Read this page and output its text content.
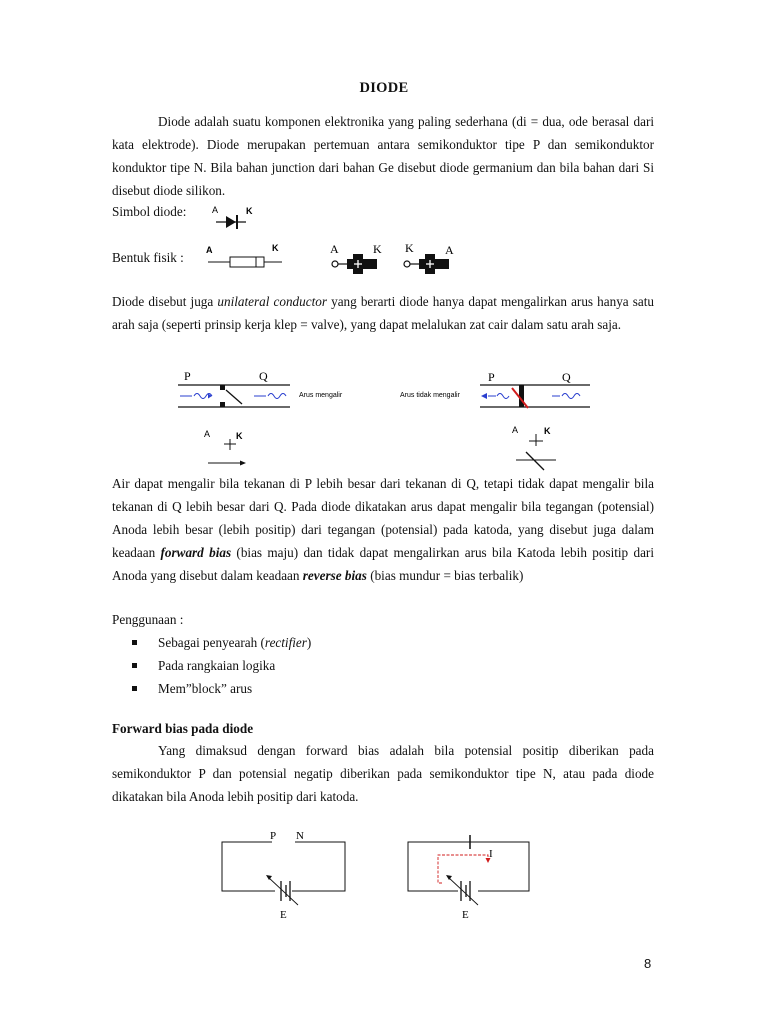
DIODE
Diode adalah suatu komponen elektronika yang paling sederhana (di = dua, ode berasal dari kata elektrode). Diode merupakan pertemuan antara semikonduktor tipe P dan semikonduktor konduktor tipe N. Bila bahan junction dari bahan Ge disebut diode germanium dan bila bahan dari Si disebut diode silikon.
Simbol diode:	A	K
Bentuk fisik : A	K	A	K K	A
Diode disebut juga unilateral conductor yang berarti diode hanya dapat mengalirkan arus hanya satu arah saja (seperti prinsip kerja klep = valve), yang dapat melalukan zat cair dalam satu arah saja.
P	Q
Arus mengalir	Arus tidak mengalir
P	Q
A	K
A	K
Air dapat mengalir bila tekanan di P lebih besar dari tekanan di Q, tetapi tidak dapat mengalir bila tekanan di Q lebih besar dari Q. Pada diode dikatakan arus dapat mengalir bila tegangan (potensial) Anoda lebih besar (lebih positip) dari tegangan (potensial) pada katoda, yang disebut juga dalam keadaan forward bias (bias maju) dan tidak dapat mengalirkan arus bila Katoda lebih positip dari Anoda yang disebut dalam keadaan reverse bias (bias mundur = bias terbalik)
Penggunaan :
Sebagai penyearah (rectifier)
Pada rangkaian logika
Mem”block” arus
Forward bias pada diode
Yang dimaksud dengan forward bias adalah bila potensial positip diberikan pada semikonduktor P dan potensial negatip diberikan pada semikonduktor tipe N, atau pada diode dikatakan bila Anoda lebih positip dari katoda.
P N
E
I
E
8
